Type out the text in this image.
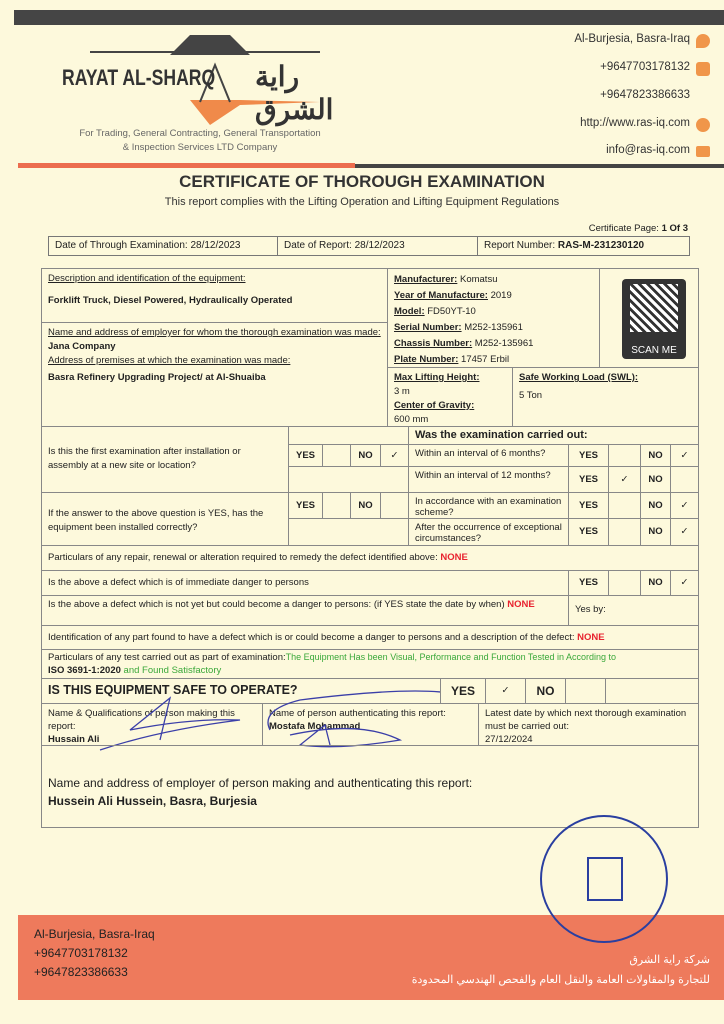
RAYAT AL-SHARQ راية الشرق
For Trading, General Contracting, General Transportation
& Inspection Services LTD Company
Al-Burjesia, Basra-Iraq
+9647703178132
+9647823386633
http://www.ras-iq.com
info@ras-iq.com
CERTIFICATE OF THOROUGH EXAMINATION
This report complies with the Lifting Operation and Lifting Equipment Regulations
Certificate Page: 1 Of 3
Date of Through Examination: 28/12/2023	Date of Report: 28/12/2023	Report Number: RAS-M-231230120
Description and identification of the equipment:
Forklift Truck, Diesel Powered, Hydraulically Operated
Name and address of employer for whom the thorough examination was made:
Jana Company
Address of premises at which the examination was made:
Basra Refinery Upgrading Project/ at Al-Shuaiba
Manufacturer: Komatsu
Year of Manufacture: 2019
Model: FD50YT-10
Serial Number: M252-135961
Chassis Number: M252-135961
Plate Number: 17457 Erbil
SCAN ME
Max Lifting Height:
3 m
Center of Gravity:
600 mm
Safe Working Load (SWL):
5 Ton
Is this the first examination after installation or assembly at a new site or location?
If the answer to the above question is YES, has the equipment been installed correctly?
YES	NO	✓
YES	NO
Was the examination carried out:
Within an interval of 6 months?	YES	NO	✓
Within an interval of 12 months?	YES	✓	NO
In accordance with an examination scheme?
YES	NO	✓
After the occurrence of exceptional circumstances?
YES	NO	✓
Particulars of any repair, renewal or alteration required to remedy the defect identified above: NONE
Is the above a defect which is of immediate danger to persons	YES	NO	✓
Is the above a defect which is not yet but could become a danger to persons: (if YES state the date by when) NONE	Yes by:
Identification of any part found to have a defect which is or could become a danger to persons and a description of the defect: NONE
Particulars of any test carried out as part of examination:The Equipment Has been Visual, Performance and Function Tested in According to
ISO 3691-1:2020 and Found Satisfactory
IS THIS EQUIPMENT SAFE TO OPERATE?	YES	✓	NO
Name & Qualifications of person making this report:
Hussain Ali
Name of person authenticating this report:
Mostafa Mohammad
Latest date by which next thorough examination must be carried out:
27/12/2024
Name and address of employer of person making and authenticating this report:
Hussein Ali Hussein, Basra, Burjesia
Al-Burjesia, Basra-Iraq
+9647703178132
+9647823386633
شركة راية الشرق
للتجارة والمقاولات العامة والنقل العام والفحص الهندسي المحدودة
